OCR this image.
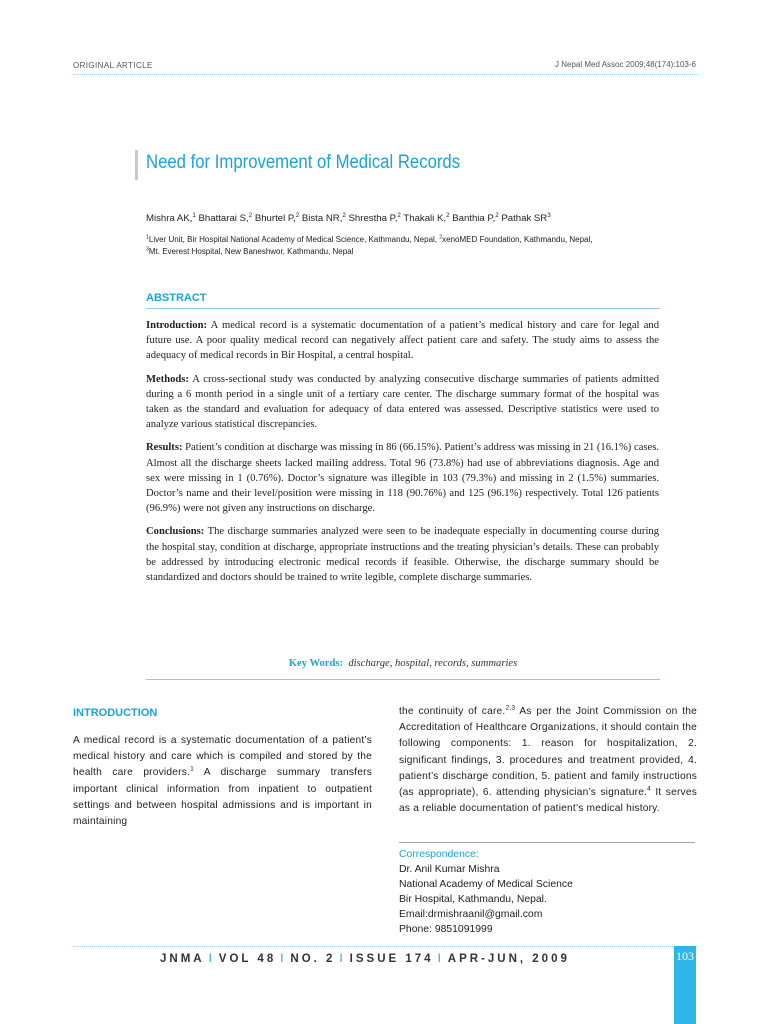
ORIGINAL ARTICLE	J Nepal Med Assoc 2009;48(174):103-6
Need for Improvement of Medical Records
Mishra AK,$^1$ Bhattarai S,$^2$ Bhurtel P,$^2$ Bista NR,$^2$ Shrestha P,$^2$ Thakali K,$^2$ Banthia P,$^2$ Pathak $SR^3$
$^1$Liver Unit, Bir Hospital National Academy of Medical Science, Kathmandu, Nepal, $^2$xenoMED Foundation, Kathmandu, Nepal,
$^3$Mt. Everest Hospital, New Baneshwor, Kathmandu, Nepal
ABSTRACT

Introduction: A medical record is a systematic documentation of a patient’s medical history and care for legal and future use. A poor quality medical record can negatively affect patient care and safety. The study aims to assess the adequacy of medical records in Bir Hospital, a central hospital.

Methods: A cross-sectional study was conducted by analyzing consecutive discharge summaries of patients admitted during a 6 month period in a single unit of a tertiary care center. The discharge summary format of the hospital was taken as the standard and evaluation for adequacy of data entered was assessed. Descriptive statistics were used to analyze various statistical discrepancies.

Results: Patient’s condition at discharge was missing in 86 (66.15%). Patient’s address was missing in 21 (16.1%) cases. Almost all the discharge sheets lacked mailing address. Total 96 (73.8%) had use of abbreviations diagnosis. Age and sex were missing in 1 (0.76%). Doctor’s signature was illegible in 103 (79.3%) and missing in 2 (1.5%) summaries. Doctor’s name and their level/position were missing in 118 (90.76%) and 125 (96.1%) respectively. Total 126 patients (96.9%) were not given any instructions on discharge.

Conclusions: The discharge summaries analyzed were seen to be inadequate especially in documenting course during the hospital stay, condition at discharge, appropriate instructions and the treating physician’s details. These can probably be addressed by introducing electronic medical records if feasible. Otherwise, the discharge summary should be standardized and doctors should be trained to write legible, complete discharge summaries.

Key Words: discharge, hospital, records, summaries
INTRODUCTION
A medical record is a systematic documentation of a patient’s medical history and care which is compiled and stored by the health care providers.$^1$ A discharge summary transfers important clinical information from inpatient to outpatient settings and between hospital admissions and is important in maintaining
the continuity of care.$^{2,3}$ As per the Joint Commission on the Accreditation of Healthcare Organizations, it should contain the following components: 1. reason for hospitalization, 2. significant findings, 3. procedures and treatment provided, 4. patient’s discharge condition, 5. patient and family instructions (as appropriate), 6. attending physician’s signature.$^4$ It serves as a reliable documentation of patient’s medical history.
Correspondence:
Dr. Anil Kumar Mishra
National Academy of Medical Science
Bir Hospital, Kathmandu, Nepal.
Email:drmishraanil@gmail.com
Phone: 9851091999
JNMA I VOL 48 I NO. 2 I ISSUE 174 I APR-JUN, 2009	103
